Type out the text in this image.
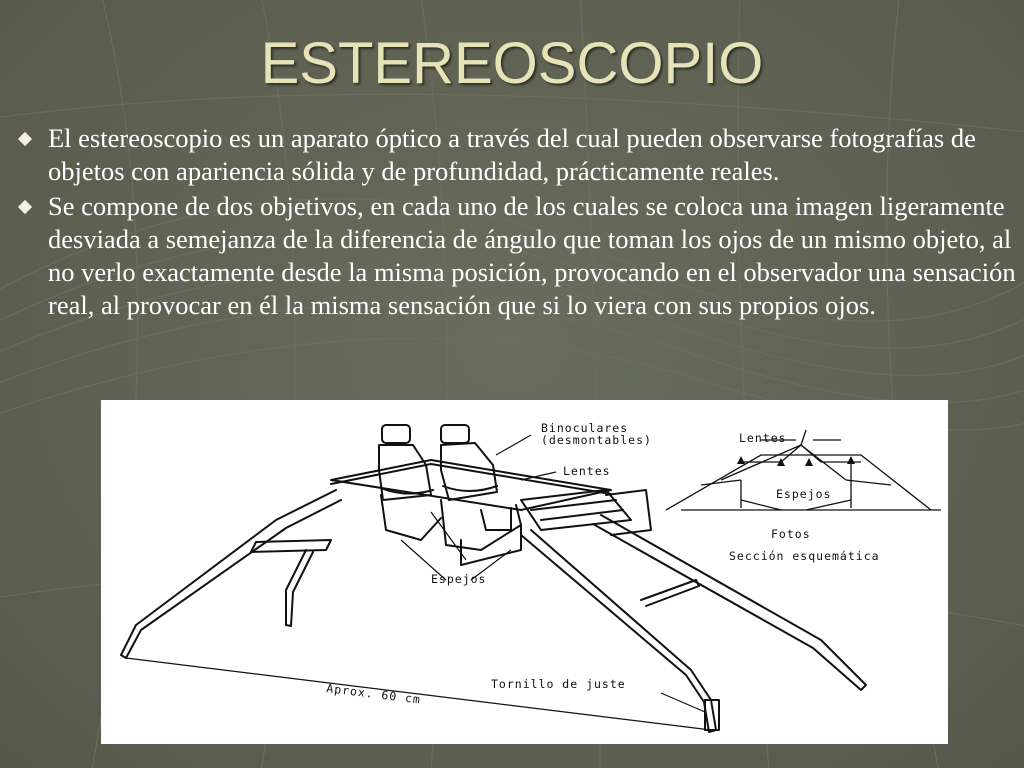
ESTEREOSCOPIO
El estereoscopio es un aparato óptico a través del cual pueden observarse fotografías de objetos con apariencia sólida y de profundidad, prácticamente reales.
Se compone de dos objetivos, en cada uno de los cuales se coloca una imagen ligeramente desviada a semejanza de la diferencia de ángulo que toman los ojos de un mismo objeto, al no verlo exactamente desde la misma posición, provocando en el observador una sensación real, al provocar en él la misma sensación que si lo viera con sus propios ojos.
Binoculares
(desmontables)
Lentes
Espejos
Aprox. 60 cm	Tornillo de juste
Lentes
Espejos
Fotos
Sección esquemática
